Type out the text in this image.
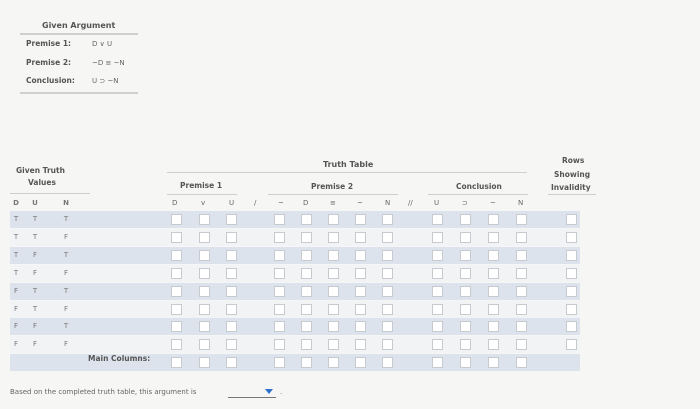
Given Argument
Premise 1:	D ∨ U
Premise 2:	~D ≡ ~N
Conclusion: U ⊃ ~N
Given Truth
Values
Truth Table
Premise 1	Premise 2	Conclusion
Rows
Showing
Invalidity
D	U	N	D	v	U	/	~	D	≡	~	N	//	U	⊃	~	N
T	T	T
T	T	F
T	F	T
T	F	F
F	T	T
F	T	F
F	F	T
F	F	F
Main Columns:
Based on the completed truth table, this argument is	.
